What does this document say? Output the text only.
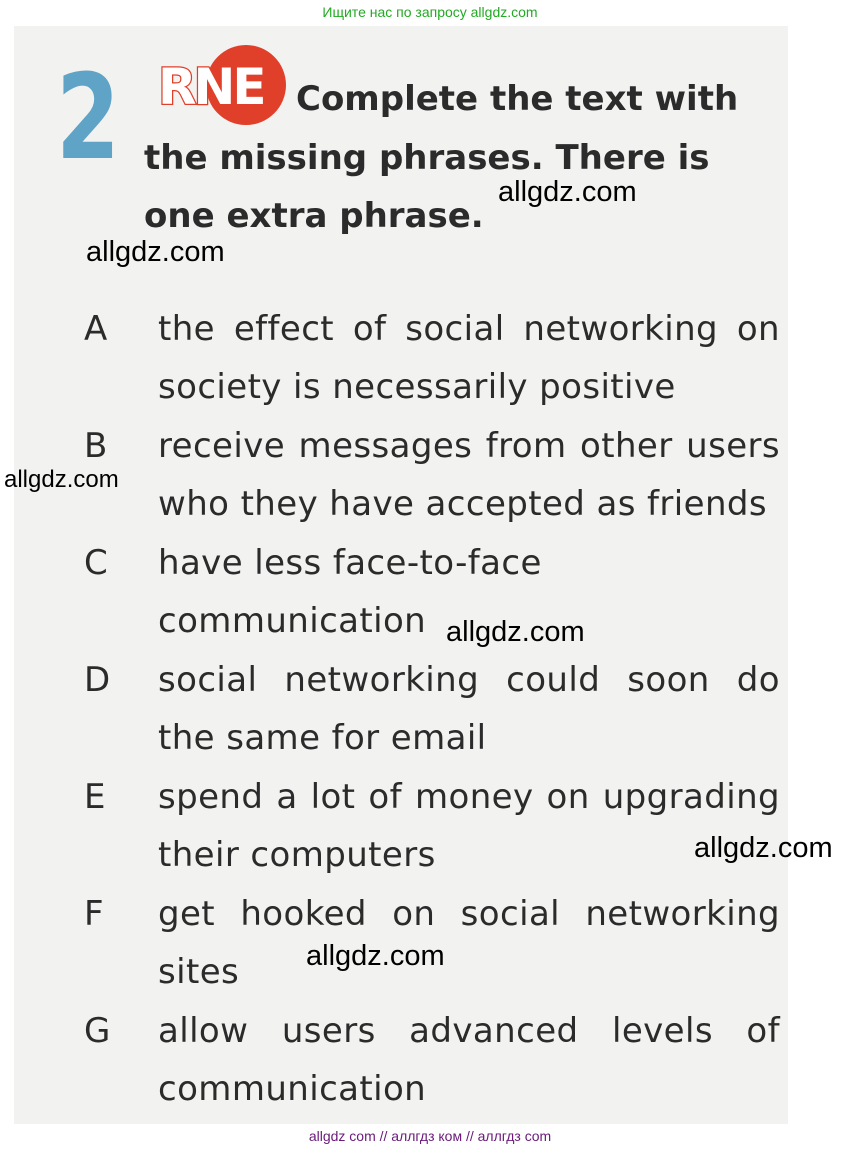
Ищите нас по запросу allgdz.com
2 RNE Complete the text with the missing phrases. There is one extra phrase.

A	the effect of social networking on society is necessarily positive
B	receive messages from other users who they have accepted as friends
C	have less face-to-face communication
D	social networking could soon do the same for email
E	spend a lot of money on upgrading their computers
F	get hooked on social networking sites
G	allow users advanced levels of communication
allgdz.com
allgdz.com
allgdz.com
allgdz.com
allgdz.com
allgdz.com
allgdz com // аллгдз ком // аллгдз com
